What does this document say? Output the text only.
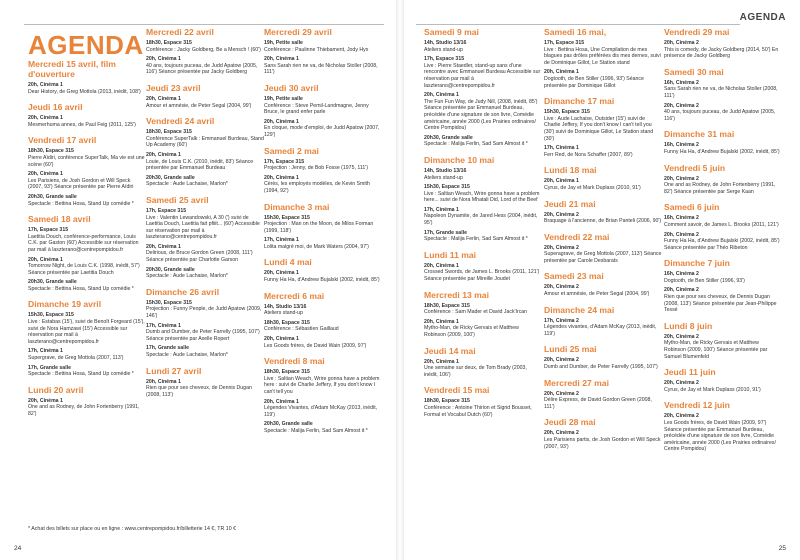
AGENDA
* Achat des billets sur place ou en ligne : www.centrepompidou.fr/billetterie 14 €, TR 10 €
24
AGENDA
25
Mercredi 15 avril, film d'ouverture
20h, Cinéma 1
Dear History, de Greg Mottola (2013, inédit, 108')
Jeudi 16 avril
20h, Cinéma 1
Mesmerhuma annes, de Paul Feig (2011, 125')
Vendredi 17 avril
18h30, Espace 315
Pierre Aïdiri, conférence SuperTalk, Ma vie est une scène (60')
20h, Cinéma 1
Les Parisiens, de Josh Gordon et Will Speck (2007, 93') Séance présentée par Pierre Aïdiri
20h30, Grande salle
Spectacle : Bettina Hosa, Stand Up comédie *
Samedi 18 avril
17h, Espace 315
Laetitia Douch, conférence-performance, Louis C.K. par Gaston (60') Accessible sur réservation par mail à laszterano@centrepompidou.fr
20h, Cinéma 1
Tomorrow Night, de Louis C.K. (1998, inédit, 57') Séance présentée par Laetitia Douch
20h30, Grande salle
Spectacle : Bettina Hosa, Stand Up comédie *
Dimanche 19 avril
15h30, Espace 315
Live : Estabas (15'), suivi de Benoît Forgeard (15'), suivi de Nora Hamzawi (15') Accessible sur réservation par mail à laszterano@centrepompidou.fr
17h, Cinéma 1
Supergrave, de Greg Mottola (2007, 113')
17h, Grande salle
Spectacle : Bettina Hosa, Stand Up comédie *
Lundi 20 avril
20h, Cinéma 1
One and as Rodney, de John Fortenberry (1991, 82')
Mercredi 22 avril
18h30, Espace 315
Conférence : Jacky Goldberg, Be a Mensch ! (60')
20h, Cinéma 1
40 ans, toujours puceau, de Judd Apatow (2005, 116') Séance présentée par Jacky Goldberg
Jeudi 23 avril
20h, Cinéma 1
Amour et amnésie, de Peter Segal (2004, 99')
Vendredi 24 avril
18h30, Espace 315
Conférence SuperTalk : Emmanuel Burdeau, Stand Up Academy (60')
20h, Cinéma 1
Louie, de Louis C.K. (2010, inédit, 83') Séance présentée par Emmanuel Burdeau
20h30, Grande salle
Spectacle : Aude Lachaise, Marlon*
Samedi 25 avril
17h, Espace 315
Live : Valentin Lewandowski, A 30 (') suivi de Laetitia Douch, Laetitia fait pfiiit... (60') Accessible sur réservation par mail à laszterano@centrepompidou.fr
20h, Cinéma 1
Delirious, de Bruce Gordon Green (2008, 111') Séance présentée par Charlotte Garson
20h30, Grande salle
Spectacle : Aude Lachaise, Marlon*
Dimanche 26 avril
15h30, Espace 315
Projection : Funny People, de Judd Apatow (2009, 146')
17h, Cinéma 1
Dumb and Dumber, de Peter Farrelly (1995, 107') Séance présentée par Axelle Ropert
17h, Grande salle
Spectacle : Aude Lachaise, Marlon*
Lundi 27 avril
20h, Cinéma 1
Rien que pour ses cheveux, de Dennis Dugan (2008, 113')
Mercredi 29 avril
19h, Petite salle
Conférence : Paulinne Thiebament, Jody Hyx
20h, Cinéma 1
Sans Sarah rien ne va, de Nicholas Stoller (2008, 111')
Jeudi 30 avril
19h, Petite salle
Conférence : Steve Pemil-Landmagne, Jenny Bruce, le grand enfer parle
20h, Cinéma 1
En cloque, mode d'emploi, de Judd Apatow (2007, 129')
Samedi 2 mai
17h, Espace 315
Projection : Jenny, de Bob Fosse (1975, 111')
20h, Cinéma 1
Cèrès, les employés modèles, de Kevin Smith (1994, 92')
Dimanche 3 mai
15h30, Espace 315
Projection : Man on the Moon, de Milos Forman (1999, 118')
17h, Cinéma 1
Lolita malgré moi, de Mark Waters (2004, 97')
Lundi 4 mai
20h, Cinéma 1
Funny Ha Ha, d'Andrew Bujalski (2002, inédit, 85')
Mercredi 6 mai
14h, Studio 13/16
Ateliers stand-up
18h30, Espace 315
Conférence : Sébastien Gaillaud
20h, Cinéma 1
Les Goods frères, de David Wain (2009, 97')
Vendredi 8 mai
18h30, Espace 315
Live : Saltian Weach, Wrire gonna have a problem here : suivi de Charlie Jeffery, If you don't know I can't tell you
20h, Cinéma 1
Légendes Vivantes, d'Adam McKay (2013, inédit, 119')
20h30, Grande salle
Spectacle : Malija Ferlin, Sad Sam Almost it *
Samedi 9 mai
14h, Studio 13/16
Ateliers stand-up
17h, Espace 315
Live : Pierre Staedler, stand-up sans d'une rencontre avec Emmanuel Burdeau Accessible sur réservation par mail à laszterano@centrepompidou.fr
20h, Cinéma 1
The Fun Fun Way, de Judy Nill, (2008, inédit, 85') Séance présentée par Emmanuel Burdeau, précédée d'une signature de son livre, Comédie américaine, année 2000 (Les Prairies ordinaires/ Centre Pompidou)
20h30, Grande salle
Spectacle : Malija Ferlin, Sad Sam Almost it *
Dimanche 10 mai
14h, Studio 13/16
Ateliers stand-up
15h30, Espace 315
Live : Saltian Weach, Wrire gonna have a problem here... suivi de Nora Mhatali Did, Lord of the Beef
17h, Cinéma 1
Napoleon Dynamite, de Jared Hess (2004, inédit, 95')
17h, Grande salle
Spectacle : Malija Ferlin, Sad Sam Almost it *
Lundi 11 mai
20h, Cinéma 1
Crossed Swords, de James L. Brooks (2011, 121') Séance présentée par Mireille Joudet
Mercredi 13 mai
18h30, Espace 315
Conférence : Sam Mader et David Jack'Ircan
20h, Cinéma 1
Mytho-Man, de Ricky Gervais et Matthew Robinson (2009, 100')
Jeudi 14 mai
20h, Cinéma 1
Une semaine sur deux, de Tom Brady (2003, inédit, 106')
Vendredi 15 mai
18h30, Espace 315
Conférence : Antoine Thirion et Sigrid Bousset, Formal et Vocabul Dutch (60')
Samedi 16 mai,
17h, Espace 315
Live : Bettina Hosa, Une Compilation de mes blagues pas drôles préférées dis mes dernes, suivi de Dominique Gillot, Le Station stand
20h, Cinéma 1
Dogtooth, de Ben Stiller (1996, 93') Séance présentée par Dominique Gillot
Dimanche 17 mai
15h30, Espace 315
Live : Aude Lachaise, Outsider (15') suivi de Charlie Jeffery, If you don't know I can't tell you (30') suivi de Dominique Gillot, Le Station stand (30')
17h, Cinéma 1
Ferr Red, de Nora Schaffer (2007, 89')
Lundi 18 mai
20h, Cinéma 1
Cyrus, de Jay et Mark Duplass (2010, 91')
Jeudi 21 mai
20h, Cinéma 2
Braquage à l'ancienne, de Brian Panteli (2006, 90')
Vendredi 22 mai
20h, Cinéma 2
Superagrave, de Greg Mottola (2007, 113') Séance présentée par Carole Desbarats
Samedi 23 mai
20h, Cinéma 2
Amour et amnésie, de Peter Segal (2004, 99')
Dimanche 24 mai
17h, Cinéma 2
Légendes vivantes, d'Adam McKay (2013, inédit, 119')
Lundi 25 mai
20h, Cinéma 2
Dumb and Dumber, de Peter Farrelly (1995, 107')
Mercredi 27 mai
20h, Cinéma 2
Délire Express, de David Gordon Green (2008, 111')
Jeudi 28 mai
20h, Cinéma 2
Les Parisiens partis, de Josh Gordon et Will Speck (2007, 93')
Vendredi 29 mai
20h, Cinéma 2
This is comedy, de Jacky Goldberg (2014, 50') En présence de Jacky Goldberg
Samedi 30 mai
16h, Cinéma 2
Sans Sarah rien ne va, de Nicholas Stoller (2008, 111')
20h, Cinéma 2
40 ans, toujours puceau, de Judd Apatow (2005, 116')
Dimanche 31 mai
16h, Cinéma 2
Funny Ha Ha, d'Andrew Bujalski (2002, inédit, 85')
Vendredi 5 juin
20h, Cinéma 2
One and as Rodney, de John Fortenberry (1991, 82') Séance présentée par Serge Kaan
Samedi 6 juin
16h, Cinéma 2
Comment savoir, de James L. Brooks (2011, 121')
20h, Cinéma 2
Funny Ha Ha, d'Andrew Bujalski (2002, inédit, 85') Séance présentée par Théo Ribeton
Dimanche 7 juin
16h, Cinéma 2
Dogtooth, de Ben Stiller (1996, 93')
20h, Cinéma 2
Rien que pour ses cheveux, de Dennis Dugan (2008, 113') Séance présentée par Jean-Philippe Tessé
Lundi 8 juin
20h, Cinéma 2
Mytho-Man, de Ricky Gervais et Matthew Robinson (2009, 100') Séance présentée par Samuel Blumenfeld
Jeudi 11 juin
20h, Cinéma 2
Cyrus, de Jay et Mark Duplass (2010, 91')
Vendredi 12 juin
20h, Cinéma 2
Les Goods frères, de David Wain (2009, 97') Séance présentée par Emmanuel Burdeau, précédée d'une signature de son livre, Comédie américaine, année 2000 (Les Prairies ordinaires/ Centre Pompidou)
